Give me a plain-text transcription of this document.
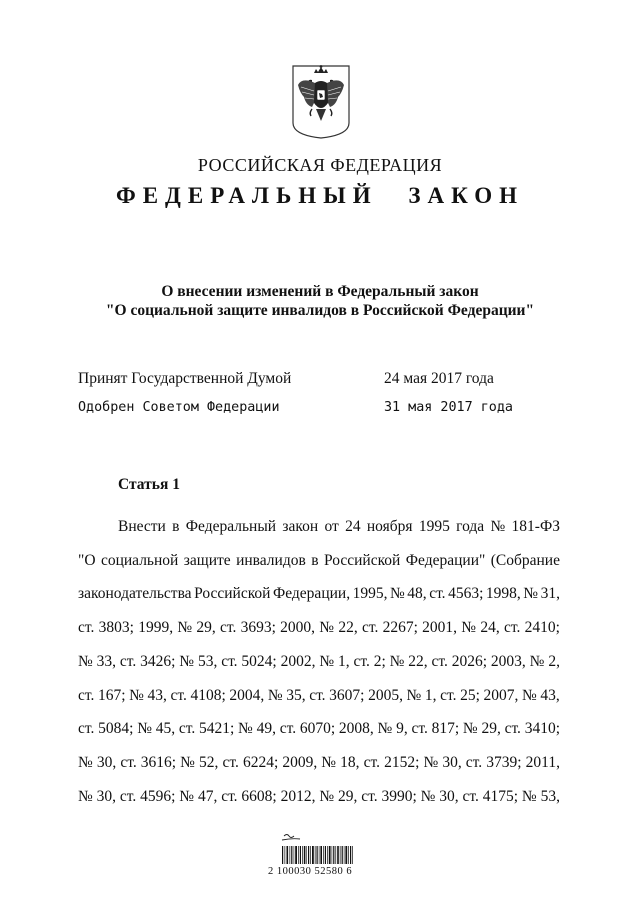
РОССИЙСКАЯ ФЕДЕРАЦИЯ
ФЕДЕРАЛЬНЫЙ ЗАКОН
О внесении изменений в Федеральный закон
"О социальной защите инвалидов в Российской Федерации"
Принят Государственной Думой	24 мая 2017 года
Одобрен Советом Федерации	31 мая 2017 года
Статья 1
Внести в Федеральный закон от 24 ноября 1995 года № 181-ФЗ
"О социальной защите инвалидов в Российской Федерации" (Собрание
законодательства Российской Федерации, 1995, № 48, ст. 4563; 1998, № 31,
ст. 3803; 1999, № 29, ст. 3693; 2000, № 22, ст. 2267; 2001, № 24, ст. 2410;
№ 33, ст. 3426; № 53, ст. 5024; 2002, № 1, ст. 2; № 22, ст. 2026; 2003, № 2,
ст. 167; № 43, ст. 4108; 2004, № 35, ст. 3607; 2005, № 1, ст. 25; 2007, № 43,
ст. 5084; № 45, ст. 5421; № 49, ст. 6070; 2008, № 9, ст. 817; № 29, ст. 3410;
№ 30, ст. 3616; № 52, ст. 6224; 2009, № 18, ст. 2152; № 30, ст. 3739; 2011,
№ 30, ст. 4596; № 47, ст. 6608; 2012, № 29, ст. 3990; № 30, ст. 4175; № 53,
2 100030 52580 6
